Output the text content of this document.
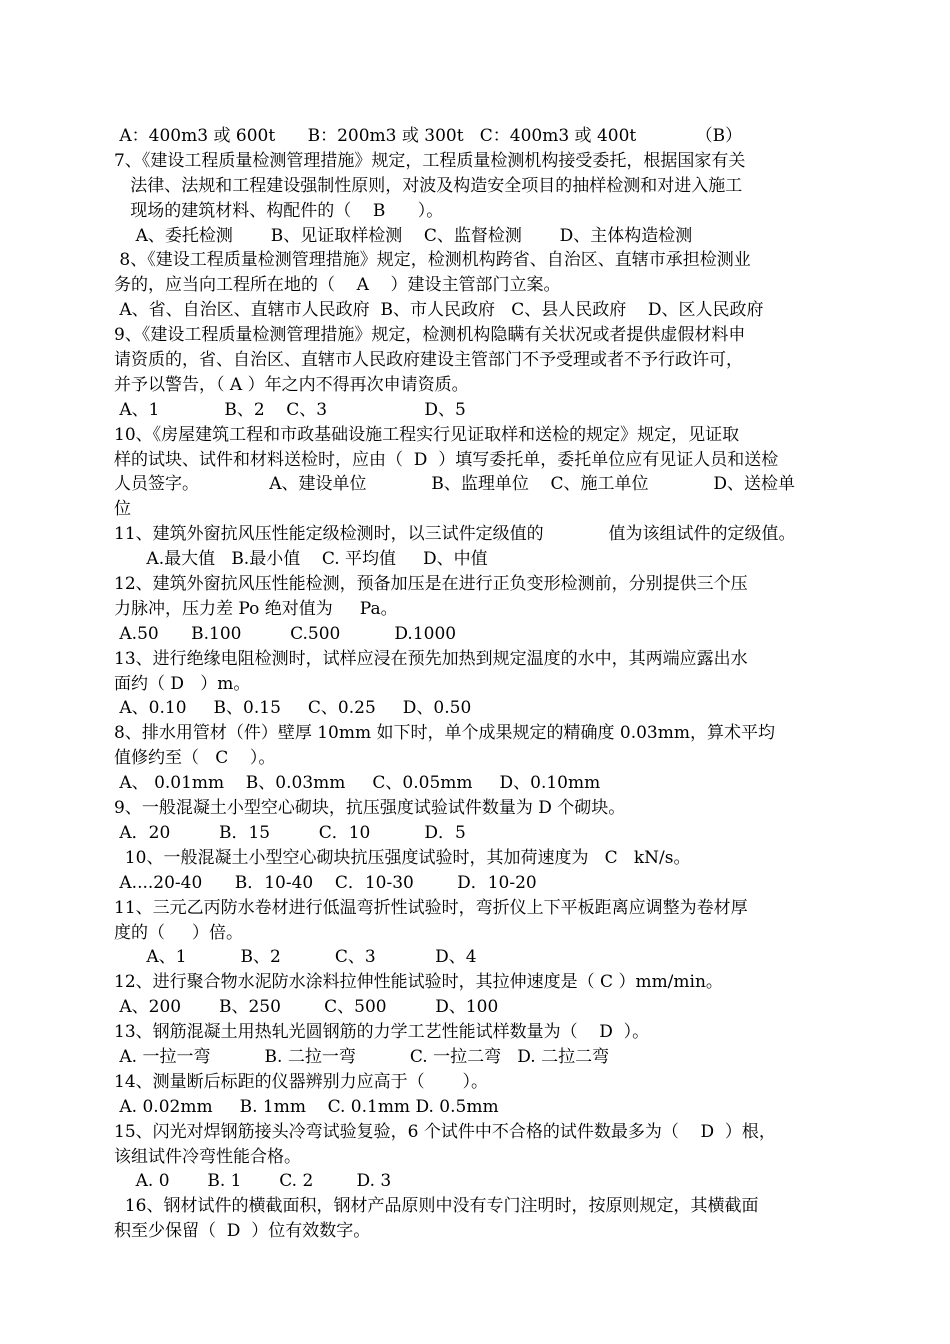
A：400m3 或 600t      B：200m3 或 300t   C：400m3 或 400t           （B）
7、《建设工程质量检测管理措施》规定，工程质量检测机构接受委托，根据国家有关
法律、法规和工程建设强制性原则，对波及构造安全项目的抽样检测和对进入施工
现场的建筑材料、构配件的（    B      ）。
A、委托检测       B、见证取样检测    C、监督检测       D、主体构造检测
8、《建设工程质量检测管理措施》规定，检测机构跨省、自治区、直辖市承担检测业
务的，应当向工程所在地的（    A    ）建设主管部门立案。
A、省、自治区、直辖市人民政府  B、市人民政府   C、县人民政府    D、区人民政府
9、《建设工程质量检测管理措施》规定，检测机构隐瞒有关状况或者提供虚假材料申
请资质的，省、自治区、直辖市人民政府建设主管部门不予受理或者不予行政许可，
并予以警告，（ A ）年之内不得再次申请资质。
A、1            B、2    C、3                  D、5
10、《房屋建筑工程和市政基础设施工程实行见证取样和送检的规定》规定，见证取
样的试块、试件和材料送检时，应由（  D  ）填写委托单，委托单位应有见证人员和送检
人员签字。             A、建设单位            B、监理单位    C、施工单位            D、送检单
位
11、建筑外窗抗风压性能定级检测时，以三试件定级值的            值为该组试件的定级值。
A.最大值   B.最小值    C. 平均值     D、中值
12、建筑外窗抗风压性能检测，预备加压是在进行正负变形检测前，分别提供三个压
力脉冲，压力差 Po 绝对值为     Pa。
A.50      B.100         C.500          D.1000
13、进行绝缘电阻检测时，试样应浸在预先加热到规定温度的水中，其两端应露出水
面约（ D   ）m。
A、0.10     B、0.15     C、0.25     D、0.50
8、排水用管材（件）壁厚 10mm 如下时，单个成果规定的精确度 0.03mm，算术平均
值修约至（   C    ）。
A、 0.01mm    B、0.03mm     C、0.05mm     D、0.10mm
9、一般混凝土小型空心砌块，抗压强度试验试件数量为 D 个砌块。
A．20         B．15         C．10          D．5
10、一般混凝土小型空心砌块抗压强度试验时，其加荷速度为   C   kN/s。
A....20-40      B．10-40    C．10-30        D．10-20
11、三元乙丙防水卷材进行低温弯折性试验时，弯折仪上下平板距离应调整为卷材厚
度的（     ）倍。
A、1          B、2          C、3           D、4
12、进行聚合物水泥防水涂料拉伸性能试验时，其拉伸速度是（ C ）mm/min。
A、200       B、250        C、500         D、100
13、钢筋混凝土用热轧光圆钢筋的力学工艺性能试样数量为（    D  ）。
A. 一拉一弯          B. 二拉一弯          C. 一拉二弯   D. 二拉二弯
14、测量断后标距的仪器辨别力应高于（       ）。
A. 0.02mm     B. 1mm    C. 0.1mm D. 0.5mm
15、闪光对焊钢筋接头冷弯试验复验，6 个试件中不合格的试件数最多为（    D  ）根，
该组试件冷弯性能合格。
A. 0       B. 1       C. 2        D. 3
16、钢材试件的横截面积，钢材产品原则中没有专门注明时，按原则规定，其横截面
积至少保留（  D  ）位有效数字。
